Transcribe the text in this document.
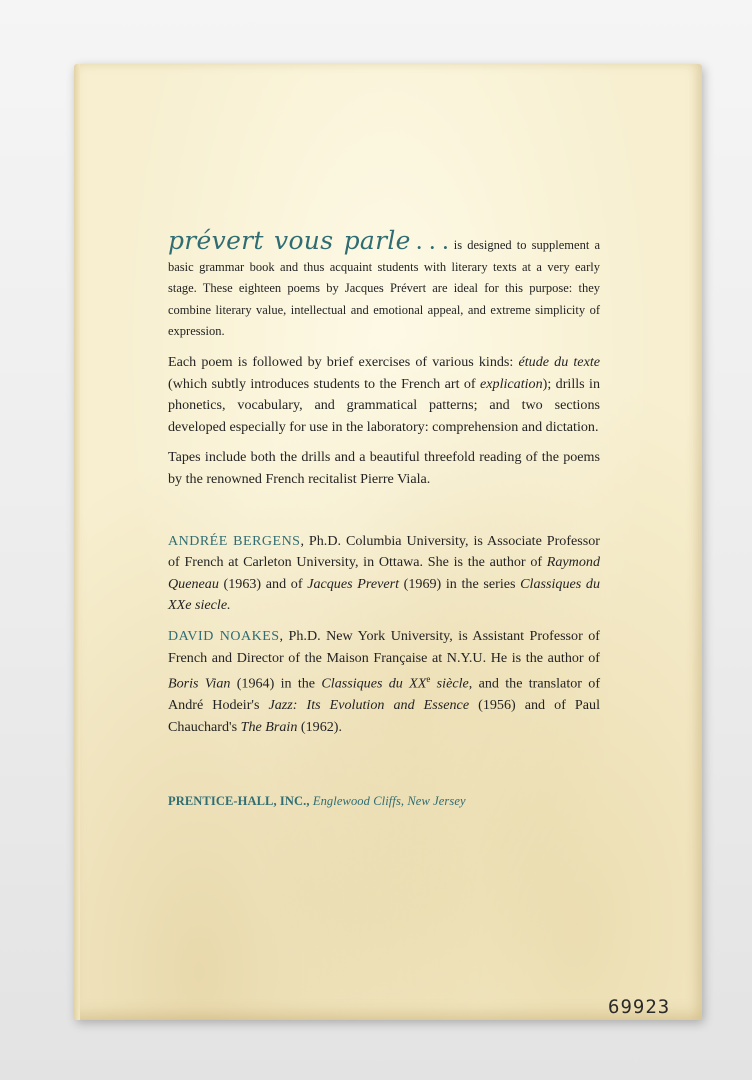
prévert vous parle . . . is designed to supplement a basic grammar book and thus acquaint students with literary texts at a very early stage. These eighteen poems by Jacques Prévert are ideal for this purpose: they combine literary value, intellectual and emotional appeal, and extreme simplicity of expression.

Each poem is followed by brief exercises of various kinds: étude du texte (which subtly introduces students to the French art of explication); drills in phonetics, vocabulary, and grammatical patterns; and two sections developed especially for use in the laboratory: comprehension and dictation.

Tapes include both the drills and a beautiful threefold reading of the poems by the renowned French recitalist Pierre Viala.

ANDRÉE BERGENS, Ph.D. Columbia University, is Associate Professor of French at Carleton University, in Ottawa. She is the author of Raymond Queneau (1963) and of Jacques Prevert (1969) in the series Classiques du XXe siecle.

DAVID NOAKES, Ph.D. New York University, is Assistant Professor of French and Director of the Maison Française at N.Y.U. He is the author of Boris Vian (1964) in the Classiques du XXe siècle, and the translator of André Hodeir's Jazz: Its Evolution and Essence (1956) and of Paul Chauchard's The Brain (1962).

PRENTICE-HALL, INC., Englewood Cliffs, New Jersey
69923
